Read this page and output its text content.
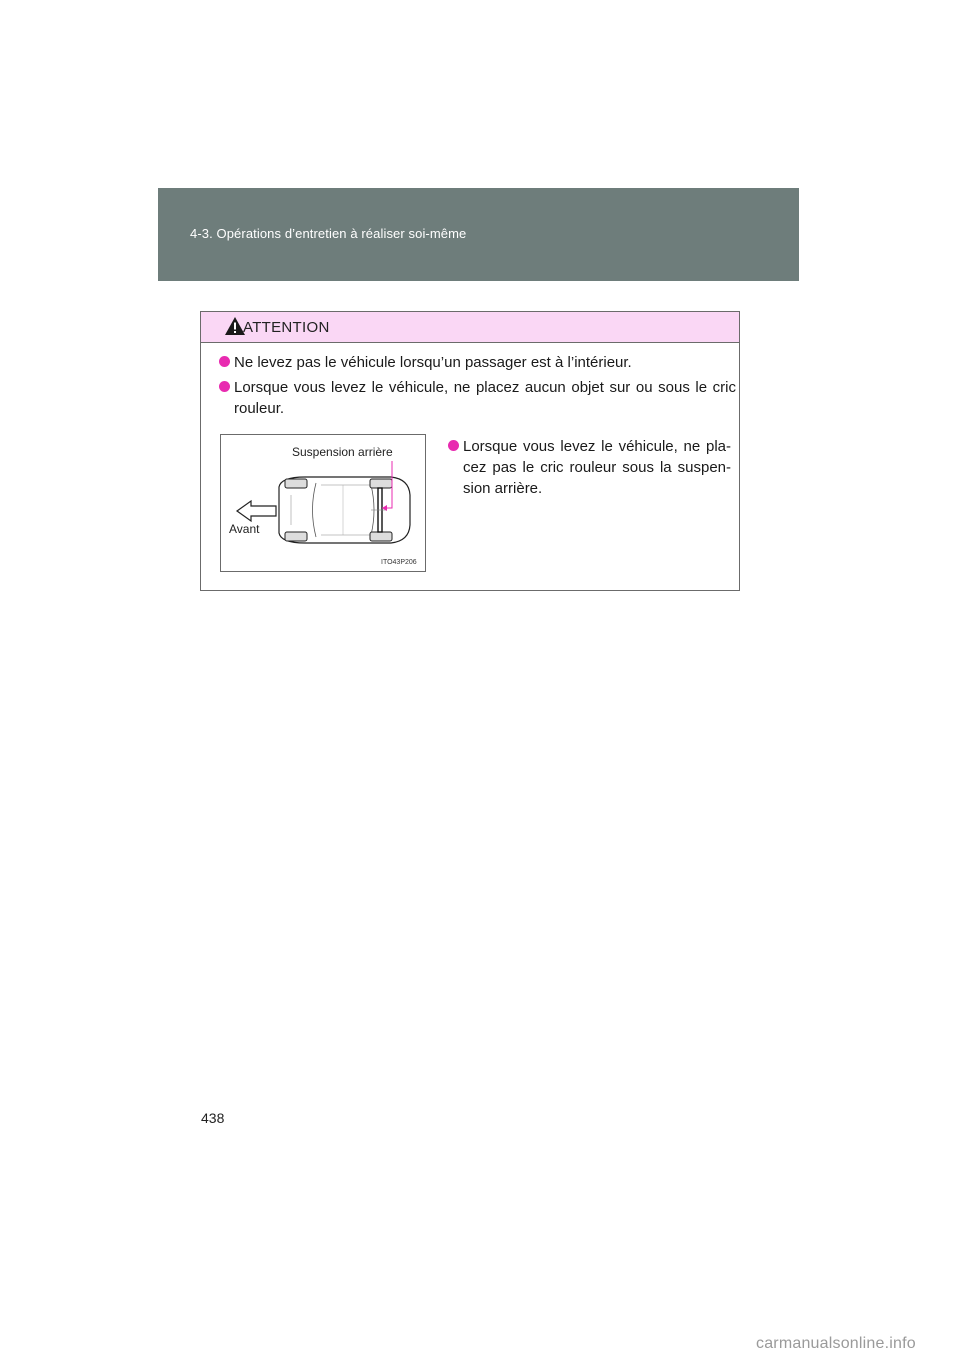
4-3. Opérations d’entretien à réaliser soi-même
ATTENTION
Ne levez pas le véhicule lorsqu’un passager est à l’intérieur.
Lorsque vous levez le véhicule, ne placez aucun objet sur ou sous le cric rouleur.
Suspension arrière
Avant
ITO43P206
Lorsque vous levez le véhicule, ne pla-cez pas le cric rouleur sous la suspen-sion arrière.
438
carmanualsonline.info
